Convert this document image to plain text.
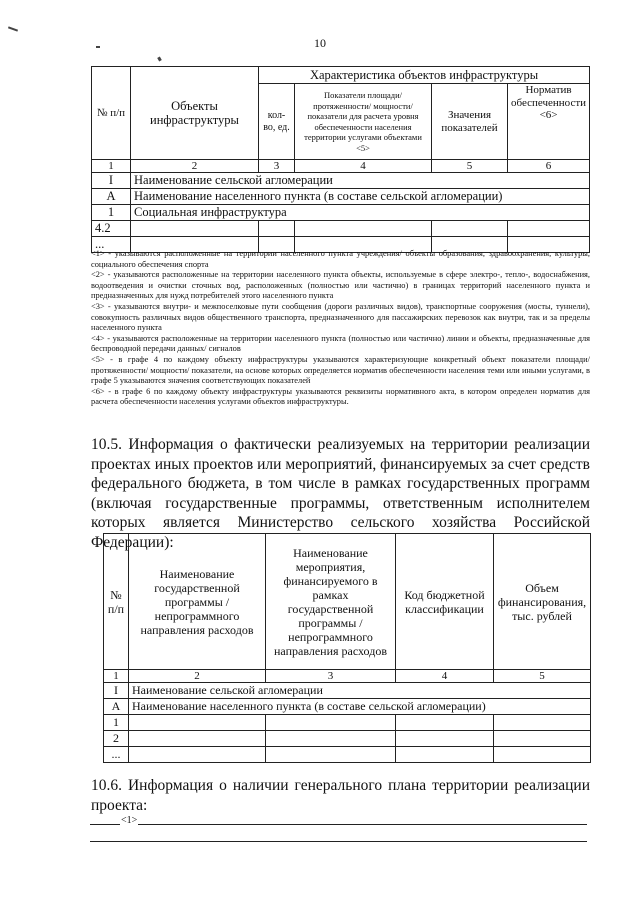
10
№ п/п	Объекты инфраструктуры	Характеристика объектов инфраструктуры			
		кол-во, ед.	Показатели площади/ протяженности/ мощности/ показатели для расчета уровня обеспеченности населения территории услугами объектами <5>	Значения показателей	Норматив обеспеченности <6>
1	2	3	4	5	6
I	Наименование сельской агломерации				
А	Наименование населенного пункта (в составе сельской агломерации)				
1	Социальная инфраструктура				
4.2					
...					

<1> - указываются расположенные на территории населенного пункта учреждения/ объекты образования, здравоохранения, культуры, социального обеспечения спорта

<2> - указываются расположенные на территории населенного пункта объекты, используемые в сфере электро-, тепло-, водоснабжения, водоотведения и очистки сточных вод, расположенных (полностью или частично) в границах территорий населенного пункта и предназначенных для нужд потребителей этого населенного пункта

<3> - указываются внутри- и межпоселковые пути сообщения (дороги различных видов), транспортные сооружения (мосты, туннели), совокупность различных видов общественного транспорта, предназначенного для пассажирских перевозок как внутри, так и за пределы населенного пункта

<4> - указываются расположенные на территории населенного пункта (полностью или частично) линии и объекты, предназначенные для беспроводной передачи данных/ сигналов

<5> - в графе 4 по каждому объекту инфраструктуры указываются характеризующие конкретный объект показатели площади/ протяженности/ мощности/ показатели, на основе которых определяется норматив обеспеченности населения теми или иными услугами, в графе 5 указываются значения соответствующих показателей

<6> - в графе 6 по каждому объекту инфраструктуры указываются реквизиты нормативного акта, в котором определен норматив для расчета обеспеченности населения услугами объектов инфраструктуры.

10.5. Информация о фактически реализуемых на территории реализации проектах иных проектов или мероприятий, финансируемых за счет средств федерального бюджета, в том числе в рамках государственных программ (включая государственные программы, ответственным исполнителем которых является Министерство сельского хозяйства Российской Федерации):

№ п/п	Наименование государственной программы / непрограммного направления расходов	Наименование мероприятия, финансируемого в рамках государственной программы / непрограммного направления расходов	Код бюджетной классификации	Объем финансирования, тыс. рублей
1	2	3	4	5
I	Наименование сельской агломерации			
А	Наименование населенного пункта (в составе сельской агломерации)			
1				
2				
...				

10.6. Информация о наличии генерального плана территории реализации проекта:

<1>
